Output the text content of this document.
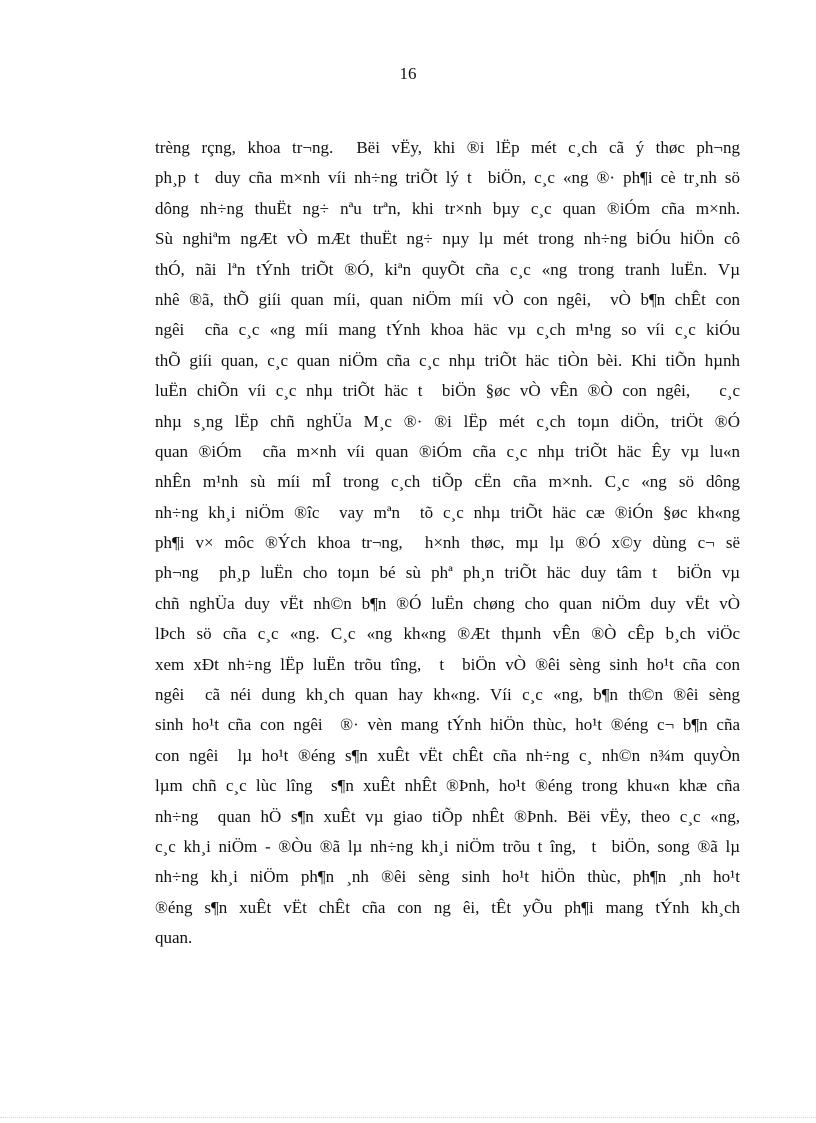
16
trèng rçng, khoa tr¬ng.  Bëi vËy, khi ®i lËp mét c¸ch cã ý thøc ph¬ng
ph¸p t  duy cña m×nh víi nh÷ng triÕt lý t  biÖn, c¸c «ng ®· ph¶i cè tr¸nh sö
dông nh÷ng thuËt ng÷ nªu trªn, khi tr×nh bµy c¸c quan ®iÓm cña m×nh.
Sù nghiªm ngÆt vÒ mÆt thuËt ng÷ nµy lµ mét trong nh÷ng biÓu hiÖn cô
thÓ, nãi lªn tÝnh triÕt ®Ó, kiªn quyÕt cña c¸c «ng trong tranh luËn. Vµ
nhê ®ã, thÕ giíi quan míi, quan niÖm míi vÒ con ngêi,  vÒ b¶n chÊt con
ngêi  cña c¸c «ng míi mang tÝnh khoa häc vµ c¸ch m¹ng so víi c¸c kiÓu
thÕ giíi quan, c¸c quan niÖm cña c¸c nhµ triÕt häc tiÒn bèi. Khi tiÕn hµnh
luËn chiÕn víi c¸c nhµ triÕt häc t  biÖn §øc vÒ vÊn ®Ò con ngêi,   c¸c
nhµ s¸ng lËp chñ nghÜa M¸c ®· ®i lËp mét c¸ch toµn diÖn, triÖt ®Ó
quan ®iÓm  cña m×nh víi quan ®iÓm cña c¸c nhµ triÕt häc Êy vµ lu«n
nhÊn m¹nh sù míi mÎ trong c¸ch tiÕp cËn cña m×nh. C¸c «ng sö dông
nh÷ng kh¸i niÖm ®îc  vay mªn  tõ c¸c nhµ triÕt häc cæ ®iÓn §øc kh«ng
ph¶i v× môc ®Ých khoa tr¬ng,  h×nh thøc, mµ lµ ®Ó x©y dùng c¬ së
ph¬ng  ph¸p luËn cho toµn bé sù phª ph¸n triÕt häc duy tâm t  biÖn vµ
chñ nghÜa duy vËt nh©n b¶n ®Ó luËn chøng cho quan niÖm duy vËt vÒ
lÞch sö cña c¸c «ng. C¸c «ng kh«ng ®Æt thµnh vÊn ®Ò cÊp b¸ch viÖc
xem xÐt nh÷ng lËp luËn trõu tîng,  t  biÖn vÒ ®êi sèng sinh ho¹t cña con
ngêi  cã néi dung kh¸ch quan hay kh«ng. Víi c¸c «ng, b¶n th©n ®êi sèng
sinh ho¹t cña con ngêi  ®· vèn mang tÝnh hiÖn thùc, ho¹t ®éng c¬ b¶n cña
con ngêi  lµ ho¹t ®éng s¶n xuÊt vËt chÊt cña nh÷ng c¸ nh©n n¾m quyÒn
lµm chñ c¸c lùc lîng  s¶n xuÊt nhÊt ®Þnh, ho¹t ®éng trong khu«n khæ cña
nh÷ng  quan hÖ s¶n xuÊt vµ giao tiÕp nhÊt ®Þnh. Bëi vËy, theo c¸c «ng,
c¸c kh¸i niÖm - ®Òu ®ã lµ nh÷ng kh¸i niÖm trõu t îng,  t  biÖn, song ®ã lµ
nh÷ng kh¸i niÖm ph¶n ¸nh ®êi sèng sinh ho¹t hiÖn thùc, ph¶n ¸nh ho¹t
®éng s¶n xuÊt vËt chÊt cña con ng êi, tÊt yÕu ph¶i mang tÝnh kh¸ch
quan.
